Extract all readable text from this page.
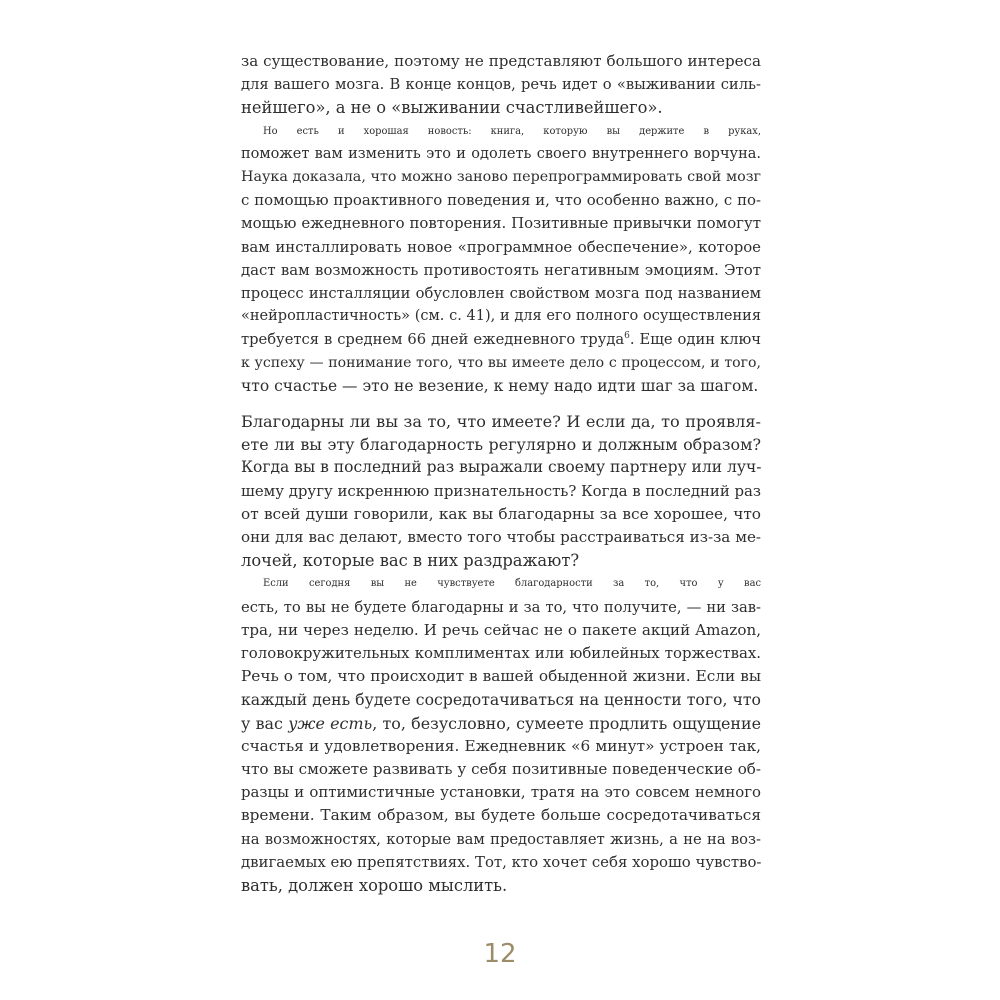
за существование, поэтому не представляют большого интереса
для вашего мозга. В конце концов, речь идет о «выживании силь-
нейшего», а не о «выживании счастливейшего».
Но есть и хорошая новость: книга, которую вы держите в руках,
поможет вам изменить это и одолеть своего внутреннего ворчуна.
Наука доказала, что можно заново перепрограммировать свой мозг
с помощью проактивного поведения и, что особенно важно, с по-
мощью ежедневного повторения. Позитивные привычки помогут
вам инсталлировать новое «программное обеспечение», которое
даст вам возможность противостоять негативным эмоциям. Этот
процесс инсталляции обусловлен свойством мозга под названием
«нейропластичность» (см. с. 41), и для его полного осуществления
требуется в среднем 66 дней ежедневного труда$^6$. Еще один ключ
к успеху — понимание того, что вы имеете дело с процессом, и того,
что счастье — это не везение, к нему надо идти шаг за шагом.
Благодарны ли вы за то, что имеете? И если да, то проявля-
ете ли вы эту благодарность регулярно и должным образом?
Когда вы в последний раз выражали своему партнеру или луч-
шему другу искреннюю признательность? Когда в последний раз
от всей души говорили, как вы благодарны за все хорошее, что
они для вас делают, вместо того чтобы расстраиваться из-за ме-
лочей, которые вас в них раздражают?
Если сегодня вы не чувствуете благодарности за то, что у вас
есть, то вы не будете благодарны и за то, что получите, — ни зав-
тра, ни через неделю. И речь сейчас не о пакете акций Amazon,
головокружительных комплиментах или юбилейных торжествах.
Речь о том, что происходит в вашей обыденной жизни. Если вы
каждый день будете сосредотачиваться на ценности того, что
у вас уже есть, то, безусловно, сумеете продлить ощущение
счастья и удовлетворения. Ежедневник «6 минут» устроен так,
что вы сможете развивать у себя позитивные поведенческие об-
разцы и оптимистичные установки, тратя на это совсем немного
времени. Таким образом, вы будете больше сосредотачиваться
на возможностях, которые вам предоставляет жизнь, а не на воз-
двигаемых ею препятствиях. Тот, кто хочет себя хорошо чувство-
вать, должен хорошо мыслить.
12
